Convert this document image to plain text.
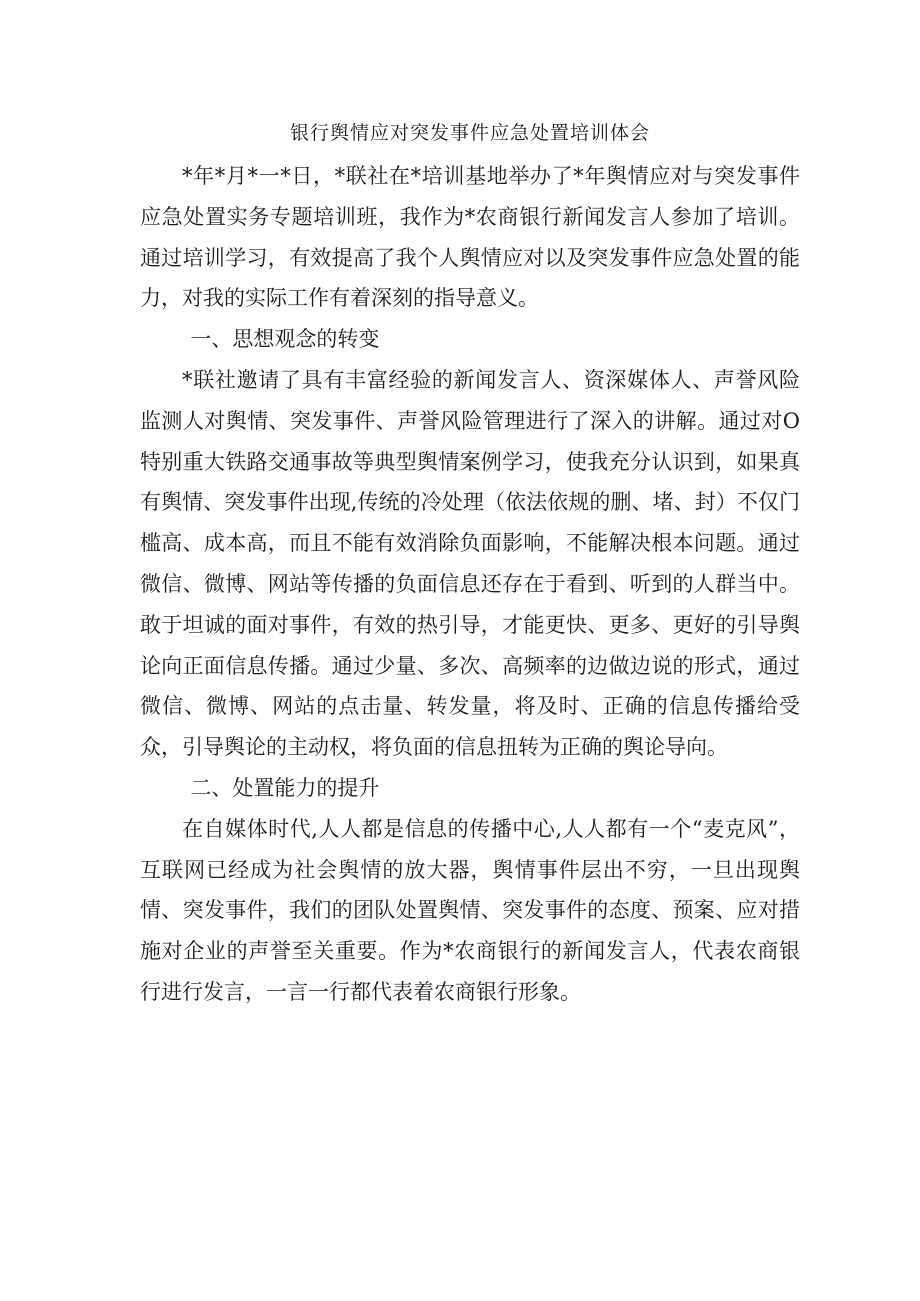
银行舆情应对突发事件应急处置培训体会

*年*月*一*日，*联社在*培训基地举办了*年舆情应对与突发事件应急处置实务专题培训班，我作为*农商银行新闻发言人参加了培训。通过培训学习，有效提高了我个人舆情应对以及突发事件应急处置的能力，对我的实际工作有着深刻的指导意义。

一、思想观念的转变

*联社邀请了具有丰富经验的新闻发言人、资深媒体人、声誉风险监测人对舆情、突发事件、声誉风险管理进行了深入的讲解。通过对O特别重大铁路交通事故等典型舆情案例学习，使我充分认识到，如果真有舆情、突发事件出现,传统的冷处理（依法依规的删、堵、封）不仅门槛高、成本高，而且不能有效消除负面影响，不能解决根本问题。通过微信、微博、网站等传播的负面信息还存在于看到、听到的人群当中。敢于坦诚的面对事件，有效的热引导，才能更快、更多、更好的引导舆论向正面信息传播。通过少量、多次、高频率的边做边说的形式，通过微信、微博、网站的点击量、转发量，将及时、正确的信息传播给受众，引导舆论的主动权，将负面的信息扭转为正确的舆论导向。

二、处置能力的提升

在自媒体时代,人人都是信息的传播中心,人人都有一个“麦克风”，互联网已经成为社会舆情的放大器，舆情事件层出不穷，一旦出现舆情、突发事件，我们的团队处置舆情、突发事件的态度、预案、应对措施对企业的声誉至关重要。作为*农商银行的新闻发言人，代表农商银行进行发言，一言一行都代表着农商银行形象。
